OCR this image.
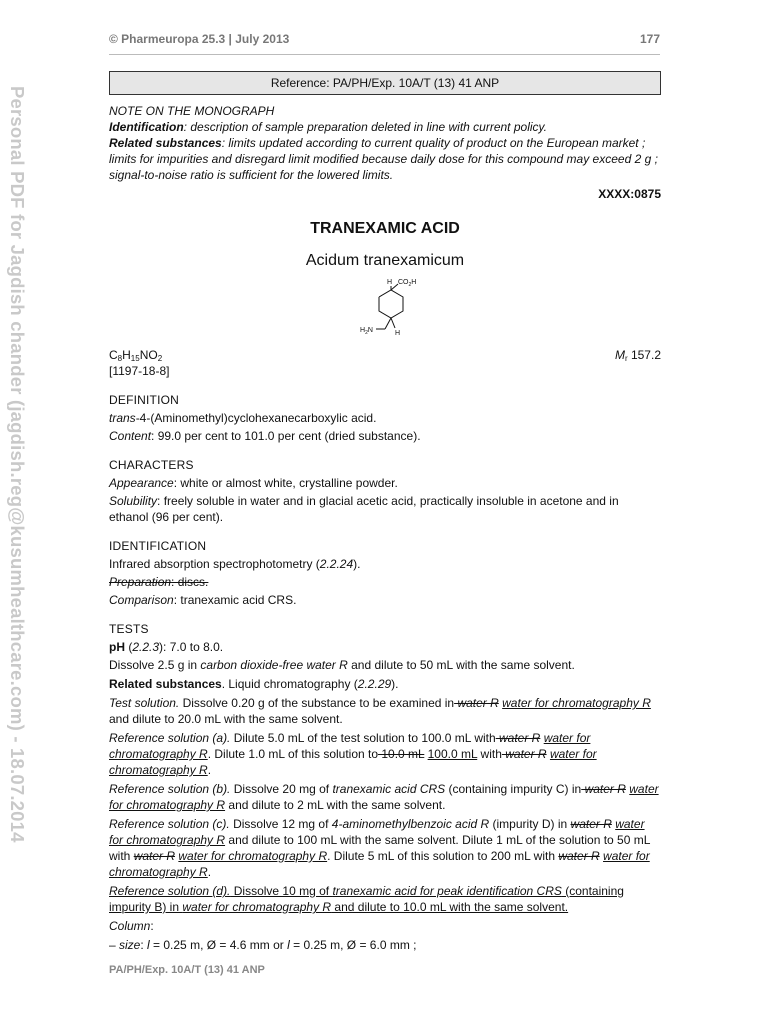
© Pharmeuropa 25.3 | July 2013	177
Personal PDF for Jagdish chander (jagdish.reg@kusumhealthcare.com) - 18.07.2014
Reference: PA/PH/Exp. 10A/T (13) 41 ANP
NOTE ON THE MONOGRAPH
Identification: description of sample preparation deleted in line with current policy.
Related substances: limits updated according to current quality of product on the European market ; limits for impurities and disregard limit modified because daily dose for this compound may exceed 2 g ; signal-to-noise ratio is sufficient for the lowered limits.
XXXX:0875
TRANEXAMIC ACID
Acidum tranexamicum
H $CO_2H$
$H_2N$	H
$C_8H_{15}NO_2$	$M_r$ 157.2
[1197-18-8]
DEFINITION

trans-4-(Aminomethyl)cyclohexanecarboxylic acid.

Content: 99.0 per cent to 101.0 per cent (dried substance).

CHARACTERS

Appearance: white or almost white, crystalline powder.

Solubility: freely soluble in water and in glacial acetic acid, practically insoluble in acetone and in ethanol (96 per cent).

IDENTIFICATION

Infrared absorption spectrophotometry (2.2.24).

Preparation: discs.

Comparison: tranexamic acid CRS.

TESTS

pH (2.2.3): 7.0 to 8.0.

Dissolve 2.5 g in carbon dioxide-free water R and dilute to 50 mL with the same solvent.

Related substances. Liquid chromatography (2.2.29).

Test solution. Dissolve 0.20 g of the substance to be examined in water R water for chromatography R and dilute to 20.0 mL with the same solvent.

Reference solution (a). Dilute 5.0 mL of the test solution to 100.0 mL with water R water for chromatography R. Dilute 1.0 mL of this solution to 10.0 mL 100.0 mL with water R water for chromatography R.

Reference solution (b). Dissolve 20 mg of tranexamic acid CRS (containing impurity C) in water R water for chromatography R and dilute to 2 mL with the same solvent.

Reference solution (c). Dissolve 12 mg of 4-aminomethylbenzoic acid R (impurity D) in water R water for chromatography R and dilute to 100 mL with the same solvent. Dilute 1 mL of the solution to 50 mL with water R water for chromatography R. Dilute 5 mL of this solution to 200 mL with water R water for chromatography R.

Reference solution (d). Dissolve 10 mg of tranexamic acid for peak identification CRS (containing impurity B) in water for chromatography R and dilute to 10.0 mL with the same solvent.

Column:

– size: l = 0.25 m, Ø = 4.6 mm or l = 0.25 m, Ø = 6.0 mm ;

PA/PH/Exp. 10A/T (13) 41 ANP
